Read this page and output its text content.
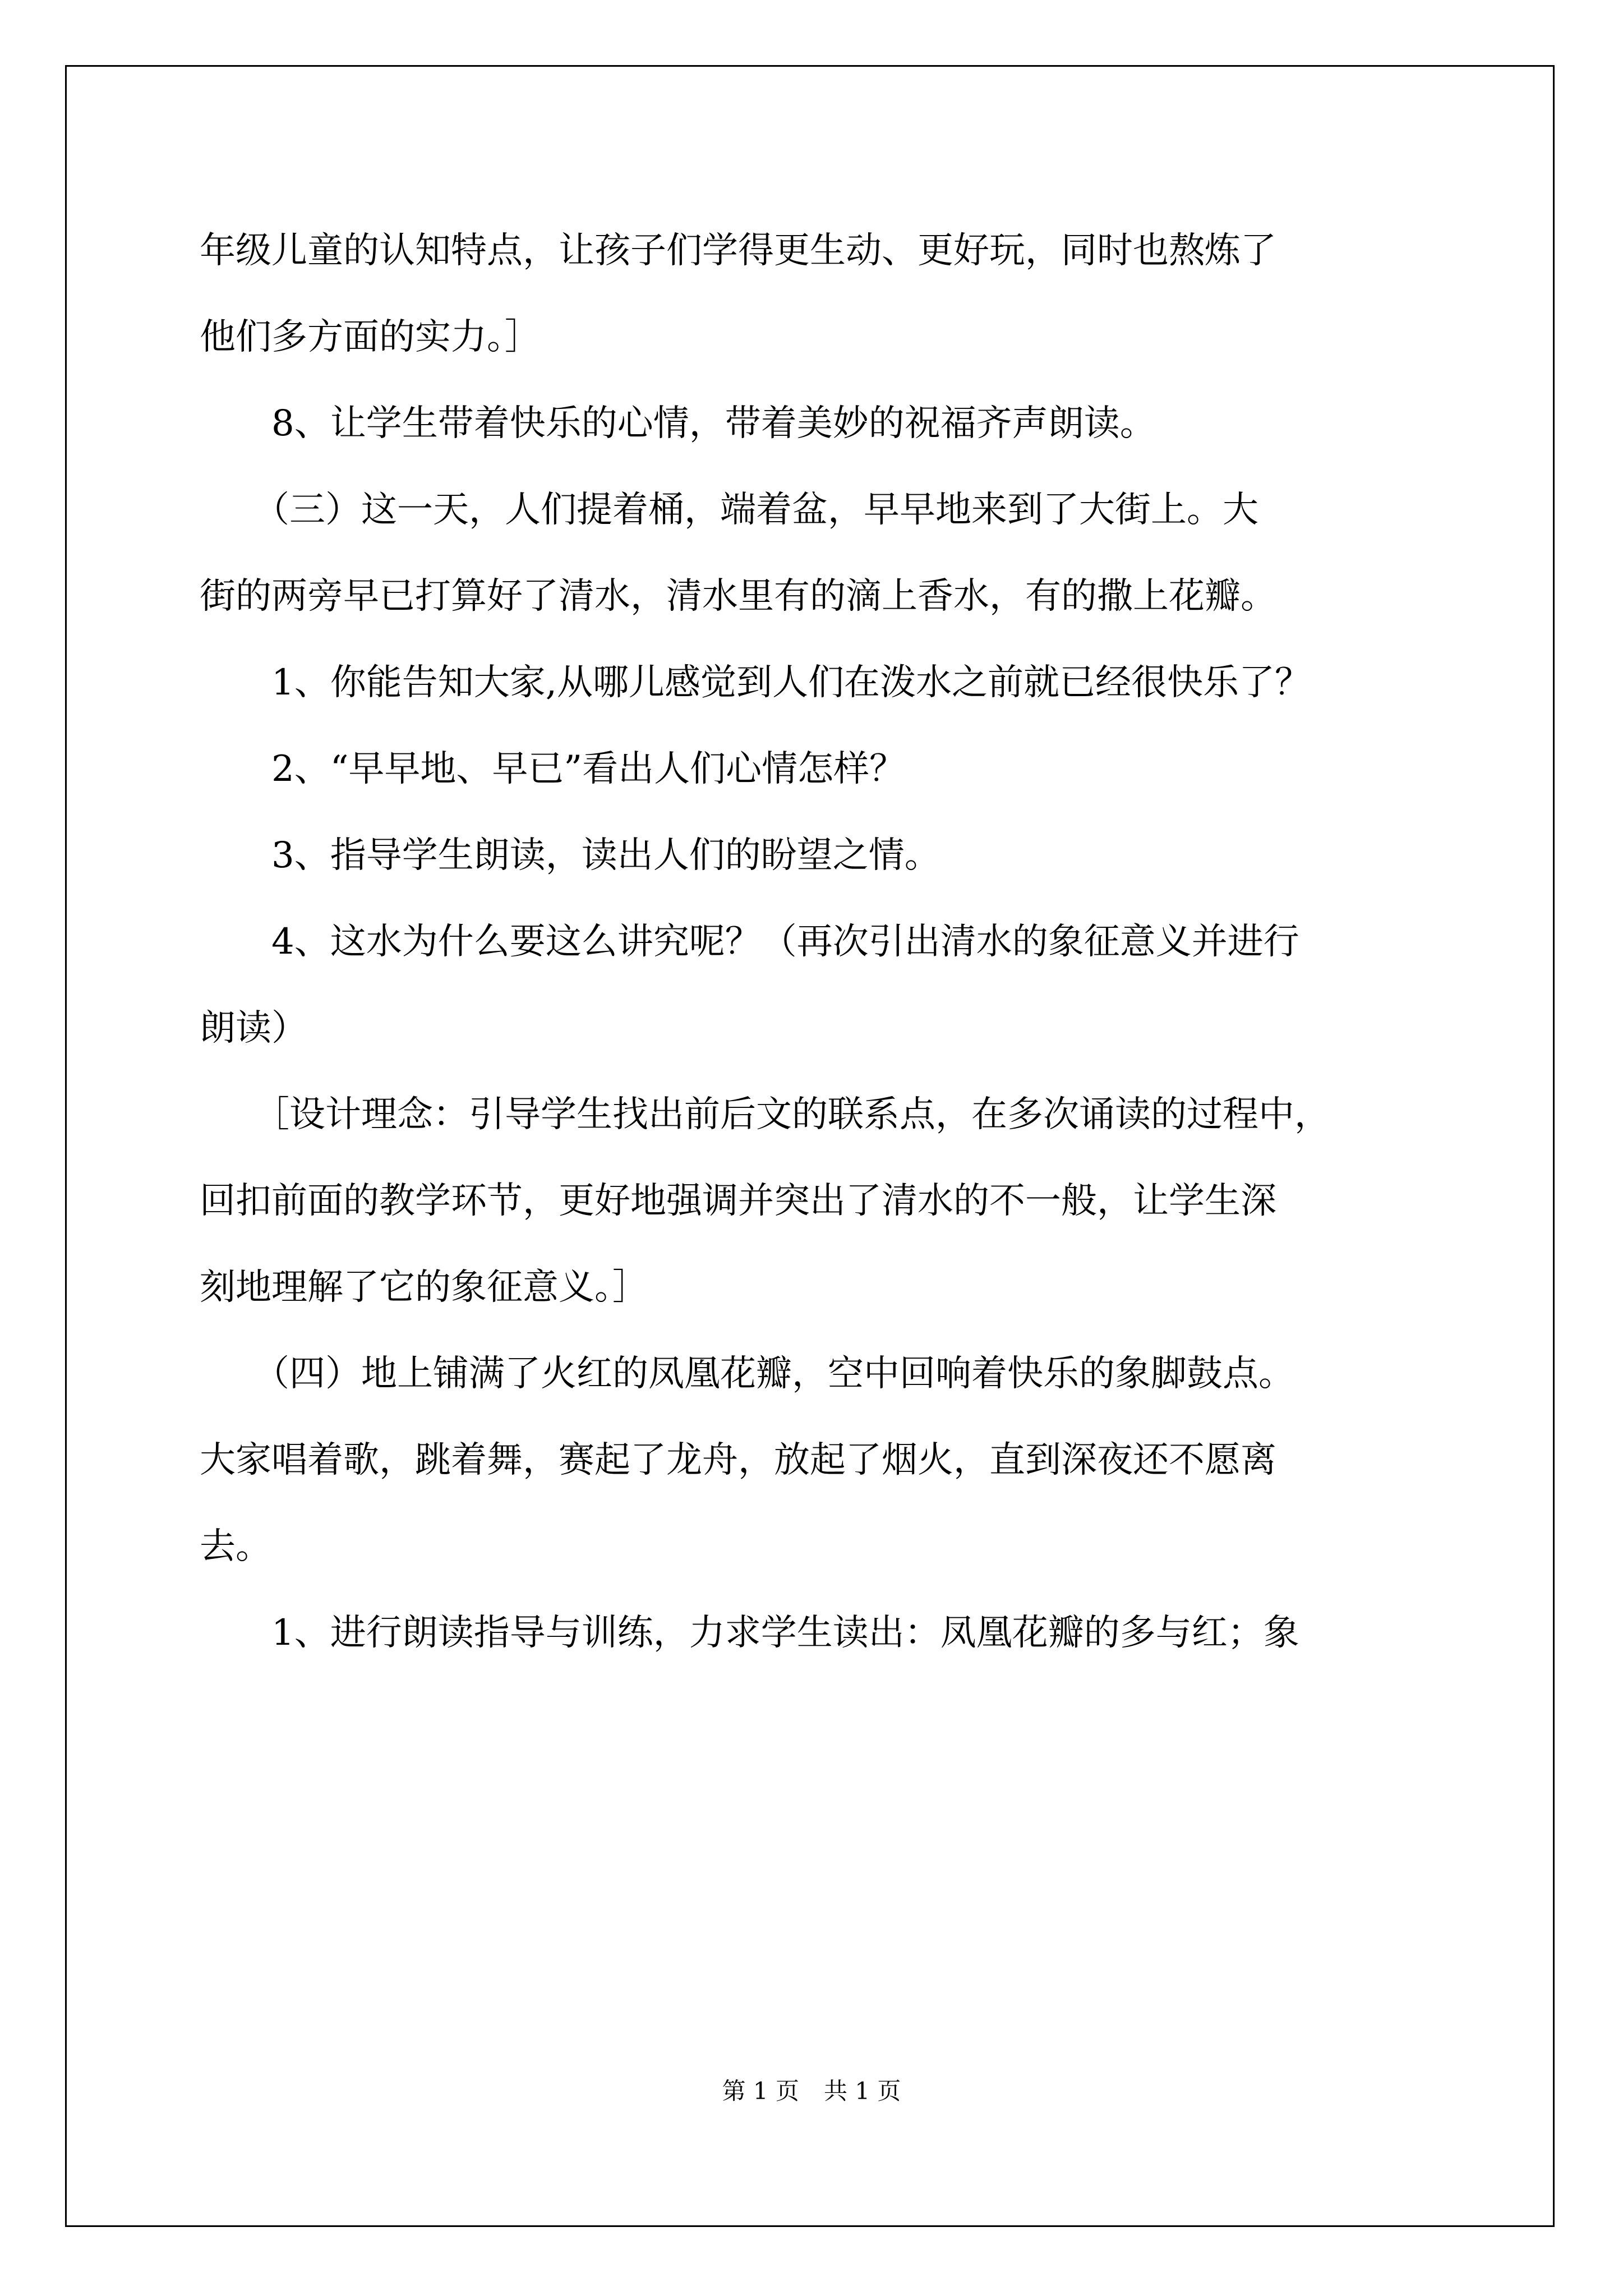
年级儿童的认知特点，让孩子们学得更生动、更好玩，同时也熬炼了
他们多方面的实力。］
　　8、让学生带着快乐的心情，带着美妙的祝福齐声朗读。
　　（三）这一天，人们提着桶，端着盆，早早地来到了大街上。大
街的两旁早已打算好了清水，清水里有的滴上香水，有的撒上花瓣。
　　1、你能告知大家,从哪儿感觉到人们在泼水之前就已经很快乐了？
　　2、“早早地、早已”看出人们心情怎样？
　　3、指导学生朗读，读出人们的盼望之情。
　　4、这水为什么要这么讲究呢？（再次引出清水的象征意义并进行
朗读）
　　［设计理念：引导学生找出前后文的联系点，在多次诵读的过程中，
回扣前面的教学环节，更好地强调并突出了清水的不一般，让学生深
刻地理解了它的象征意义。］
　　（四）地上铺满了火红的凤凰花瓣，空中回响着快乐的象脚鼓点。
大家唱着歌，跳着舞，赛起了龙舟，放起了烟火，直到深夜还不愿离
去。
　　1、进行朗读指导与训练，力求学生读出：凤凰花瓣的多与红；象
第 1 页 共 1 页
